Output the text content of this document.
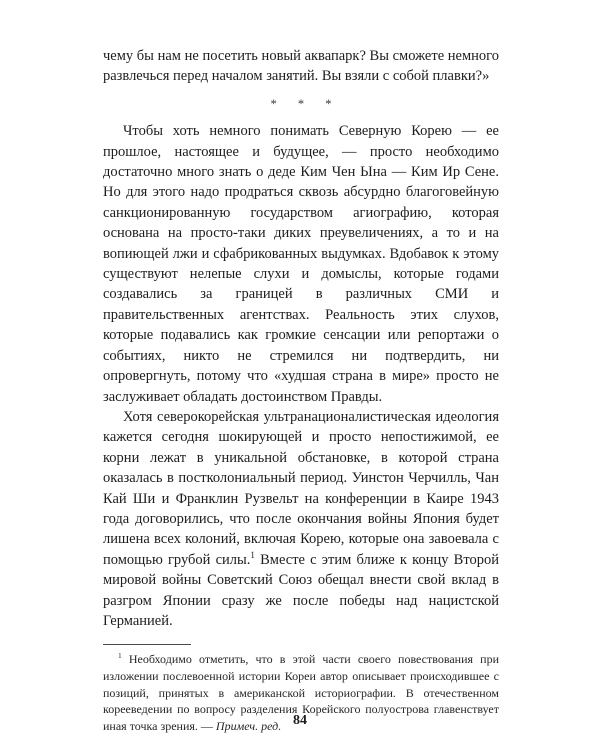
чему бы нам не посетить новый аквапарк? Вы сможете немного развлечься перед началом занятий. Вы взяли с собой плавки?»

* * *

Чтобы хоть немного понимать Северную Корею — ее прошлое, настоящее и будущее, — просто необходимо достаточно много знать о деде Ким Чен Ына — Ким Ир Сене. Но для этого надо продраться сквозь абсурдно благоговейную санкционированную государством агиографию, которая основана на просто-таки диких преувеличениях, а то и на вопиющей лжи и сфабрикованных выдумках. Вдобавок к этому существуют нелепые слухи и домыслы, которые годами создавались за границей в различных СМИ и правительственных агентствах. Реальность этих слухов, которые подавались как громкие сенсации или репортажи о событиях, никто не стремился ни подтвердить, ни опровергнуть, потому что «худшая страна в мире» просто не заслуживает обладать достоинством Правды.

Хотя северокорейская ультранационалистическая идеология кажется сегодня шокирующей и просто непостижимой, ее корни лежат в уникальной обстановке, в которой страна оказалась в постколониальный период. Уинстон Черчилль, Чан Кай Ши и Франклин Рузвельт на конференции в Каире 1943 года договорились, что после окончания войны Япония будет лишена всех колоний, включая Корею, которые она завоевала с помощью грубой силы.$^1$ Вместе с этим ближе к концу Второй мировой войны Советский Союз обещал внести свой вклад в разгром Японии сразу же после победы над нацистской Германией.

$^1$ Необходимо отметить, что в этой части своего повествования при изложении послевоенной истории Кореи автор описывает происходившее с позиций, принятых в американской историографии. В отечественном корееведении по вопросу разделения Корейского полуострова главенствует иная точка зрения. — Примеч. ред. 84
